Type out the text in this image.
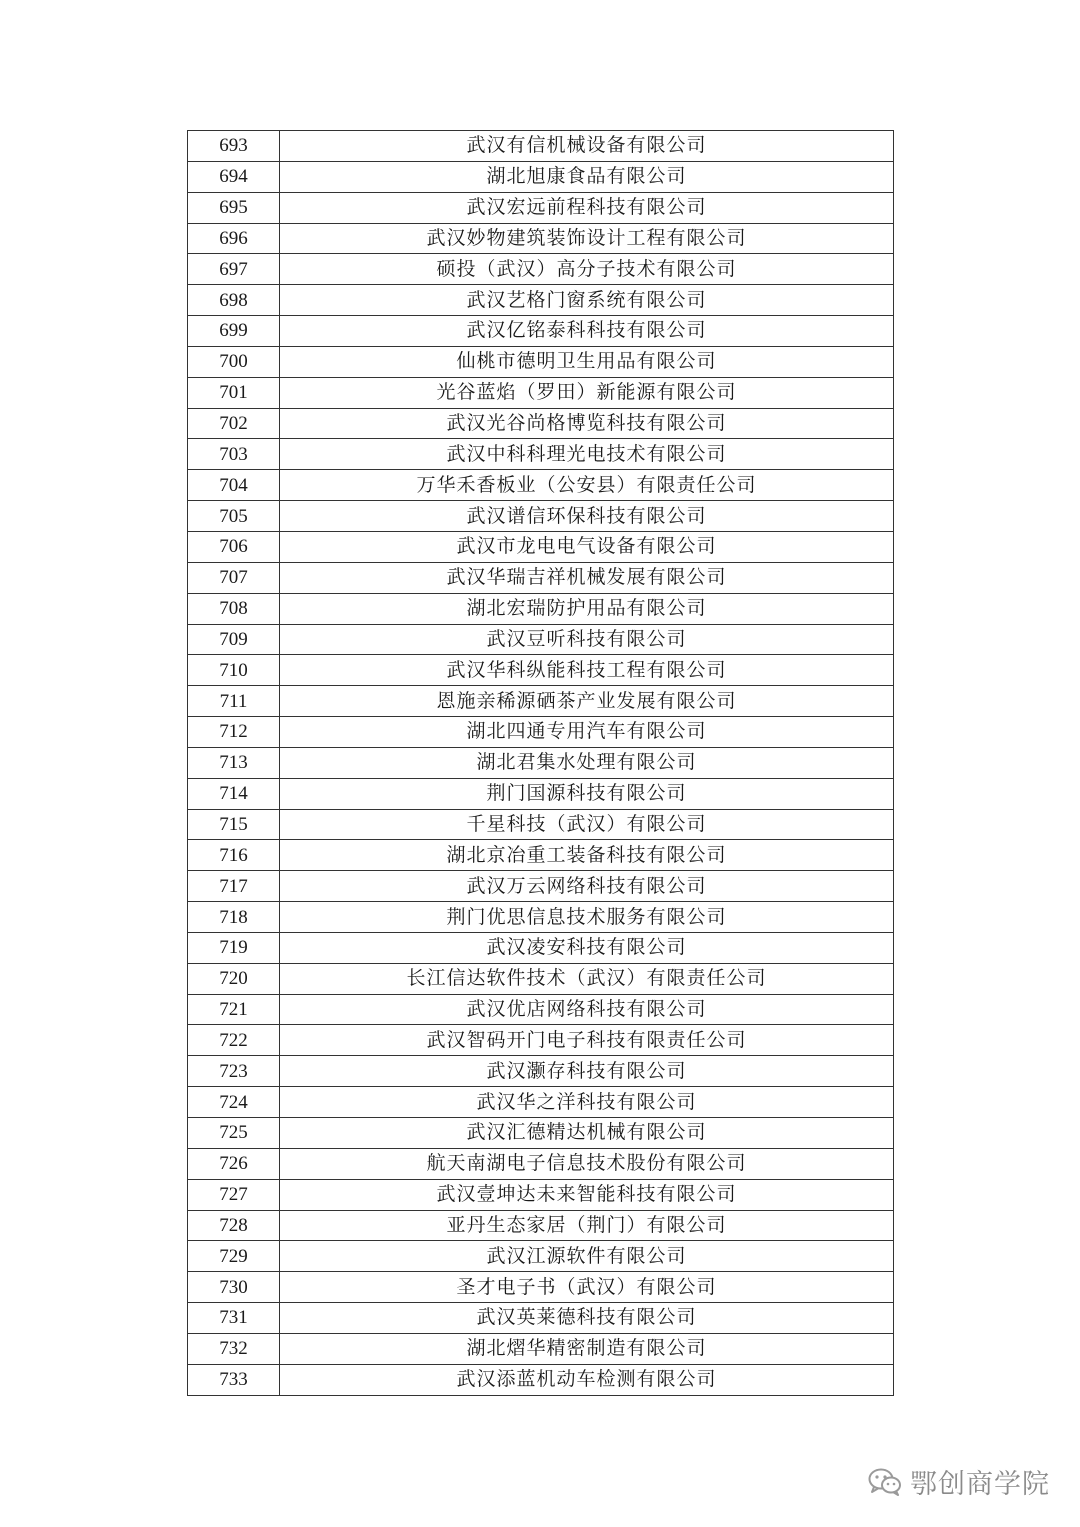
693	武汉有信机械设备有限公司
694	湖北旭康食品有限公司
695	武汉宏远前程科技有限公司
696	武汉妙物建筑装饰设计工程有限公司
697	硕投（武汉）高分子技术有限公司
698	武汉艺格门窗系统有限公司
699	武汉亿铭泰科科技有限公司
700	仙桃市德明卫生用品有限公司
701	光谷蓝焰（罗田）新能源有限公司
702	武汉光谷尚格博览科技有限公司
703	武汉中科科理光电技术有限公司
704	万华禾香板业（公安县）有限责任公司
705	武汉谱信环保科技有限公司
706	武汉市龙电电气设备有限公司
707	武汉华瑞吉祥机械发展有限公司
708	湖北宏瑞防护用品有限公司
709	武汉豆听科技有限公司
710	武汉华科纵能科技工程有限公司
711	恩施亲稀源硒茶产业发展有限公司
712	湖北四通专用汽车有限公司
713	湖北君集水处理有限公司
714	荆门国源科技有限公司
715	千星科技（武汉）有限公司
716	湖北京冶重工装备科技有限公司
717	武汉万云网络科技有限公司
718	荆门优思信息技术服务有限公司
719	武汉凌安科技有限公司
720	长江信达软件技术（武汉）有限责任公司
721	武汉优店网络科技有限公司
722	武汉智码开门电子科技有限责任公司
723	武汉灏存科技有限公司
724	武汉华之洋科技有限公司
725	武汉汇德精达机械有限公司
726	航天南湖电子信息技术股份有限公司
727	武汉壹坤达未来智能科技有限公司
728	亚丹生态家居（荆门）有限公司
729	武汉江源软件有限公司
730	圣才电子书（武汉）有限公司
731	武汉英莱德科技有限公司
732	湖北熠华精密制造有限公司
733	武汉添蓝机动车检测有限公司
鄂创商学院
